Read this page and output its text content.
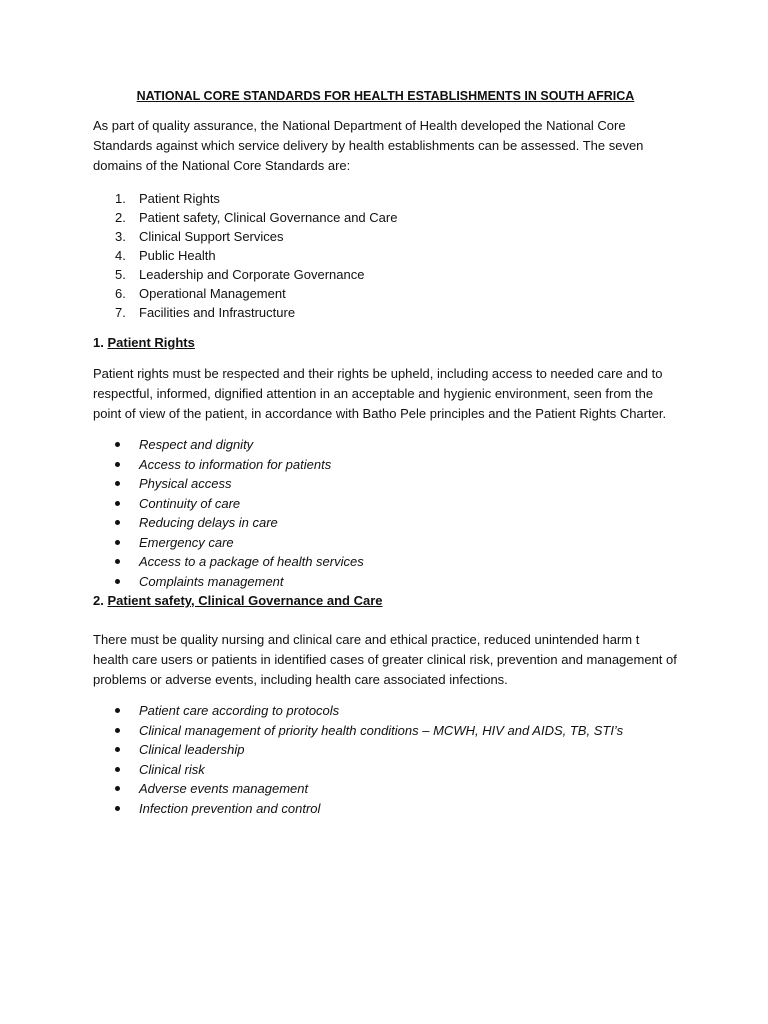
NATIONAL CORE STANDARDS FOR HEALTH ESTABLISHMENTS IN SOUTH AFRICA

As part of quality assurance, the National Department of Health developed the National Core Standards against which service delivery by health establishments can be assessed. The seven domains of the National Core Standards are:

1. Patient Rights
2. Patient safety, Clinical Governance and Care
3. Clinical Support Services
4. Public Health
5. Leadership and Corporate Governance
6. Operational Management
7. Facilities and Infrastructure

1. Patient Rights

Patient rights must be respected and their rights be upheld, including access to needed care and to respectful, informed, dignified attention in an acceptable and hygienic environment, seen from the point of view of the patient, in accordance with Batho Pele principles and the Patient Rights Charter.

Respect and dignity
Access to information for patients
Physical access
Continuity of care
Reducing delays in care
Emergency care
Access to a package of health services
Complaints management

2. Patient safety, Clinical Governance and Care

There must be quality nursing and clinical care and ethical practice, reduced unintended harm t health care users or patients in identified cases of greater clinical risk, prevention and management of problems or adverse events, including health care associated infections.

Patient care according to protocols
Clinical management of priority health conditions – MCWH, HIV and AIDS, TB, STI’s
Clinical leadership
Clinical risk
Adverse events management
Infection prevention and control
